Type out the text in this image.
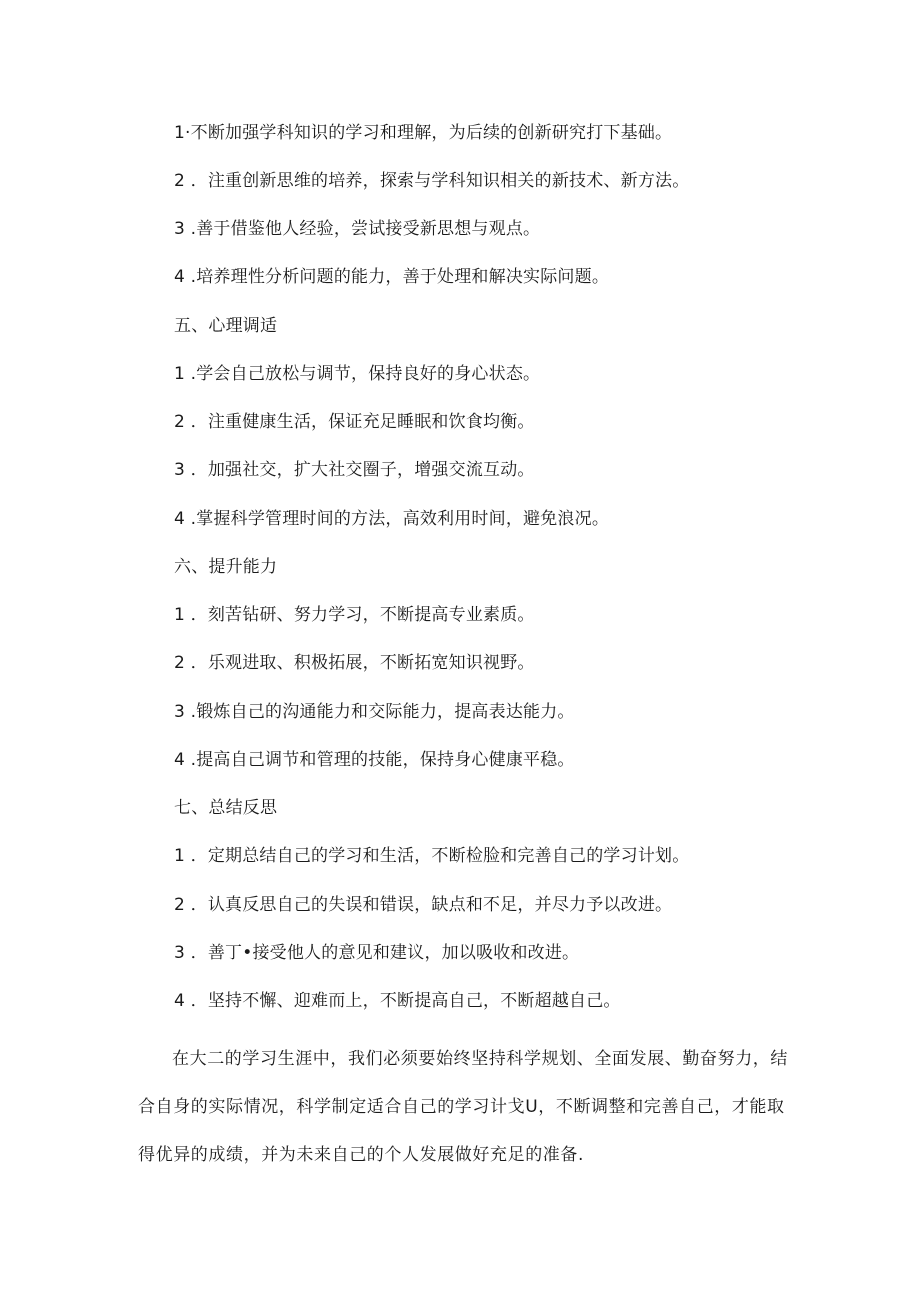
1·不断加强学科知识的学习和理解，为后续的创新研究打下基础。
2 ．注重创新思维的培养，探索与学科知识相关的新技术、新方法。
3 .善于借鉴他人经验，尝试接受新思想与观点。
4 .培养理性分析问题的能力，善于处理和解决实际问题。
五、心理调适
1 .学会自己放松与调节，保持良好的身心状态。
2 ．注重健康生活，保证充足睡眠和饮食均衡。
3 ．加强社交，扩大社交圈子，增强交流互动。
4 .掌握科学管理时间的方法，高效利用时间，避免浪况。
六、提升能力
1 ．刻苦钻研、努力学习，不断提高专业素质。
2 ．乐观进取、积极拓展，不断拓宽知识视野。
3 .锻炼自己的沟通能力和交际能力，提高表达能力。
4 .提高自己调节和管理的技能，保持身心健康平稳。
七、总结反思
1 ．定期总结自己的学习和生活，不断检脸和完善自己的学习计划。
2 ．认真反思自己的失误和错误，缺点和不足，并尽力予以改进。
3 ．善丁•接受他人的意见和建议，加以吸收和改进。
4 ．坚持不懈、迎难而上，不断提高自己，不断超越自己。
在大二的学习生涯中，我们必须要始终坚持科学规划、全面发展、勤奋努力，结合自身的实际情况，科学制定适合自己的学习计戈U，不断调整和完善自己，才能取得优异的成绩，并为未来自己的个人发展做好充足的准备.
